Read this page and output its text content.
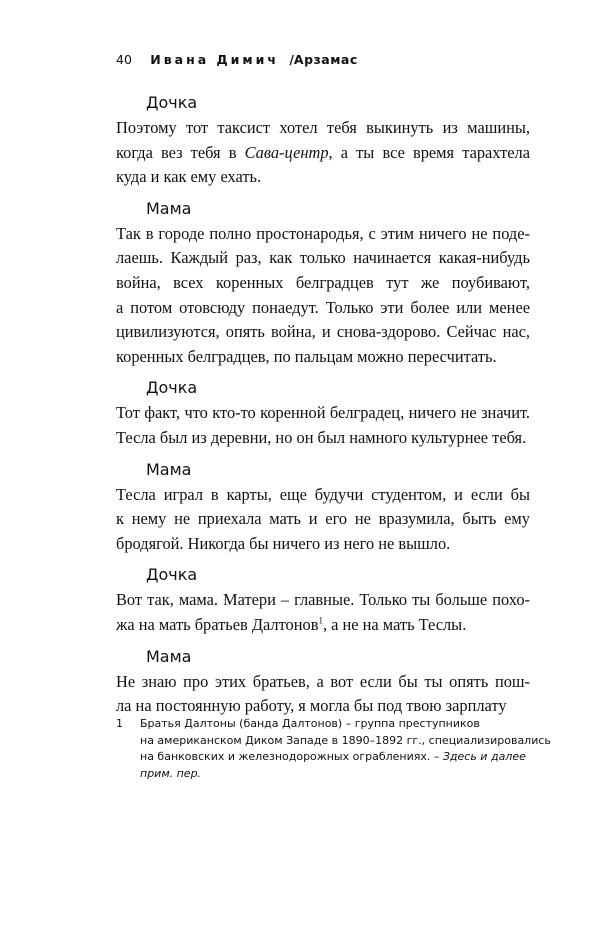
40 Ивана Димич /Арзамас
Дочка
Поэтому тот таксист хотел тебя выкинуть из машины,
когда вез тебя в Сава-центр, а ты все время тарахтела
куда и как ему ехать.
Мама
Так в городе полно простонародья, с этим ничего не поде-
лаешь. Каждый раз, как только начинается какая-нибудь
война, всех коренных белградцев тут же поубивают,
а потом отовсюду понаедут. Только эти более или менее
цивилизуются, опять война, и снова-здорово. Сейчас нас,
коренных белградцев, по пальцам можно пересчитать.
Дочка
Тот факт, что кто-то коренной белградец, ничего не значит.
Тесла был из деревни, но он был намного культурнее тебя.
Мама
Тесла играл в карты, еще будучи студентом, и если бы
к нему не приехала мать и его не вразумила, быть ему
бродягой. Никогда бы ничего из него не вышло.
Дочка
Вот так, мама. Матери – главные. Только ты больше похо-
жа на мать братьев Далтонов$^1$, а не на мать Теслы.
Мама
Не знаю про этих братьев, а вот если бы ты опять пош-
ла на постоянную работу, я могла бы под твою зарплату
1 Братья Далтоны (банда Далтонов) – группа преступников
на американском Диком Западе в 1890–1892 гг., специализировались
на банковских и железнодорожных ограблениях. – Здесь и далее
прим. пер.
